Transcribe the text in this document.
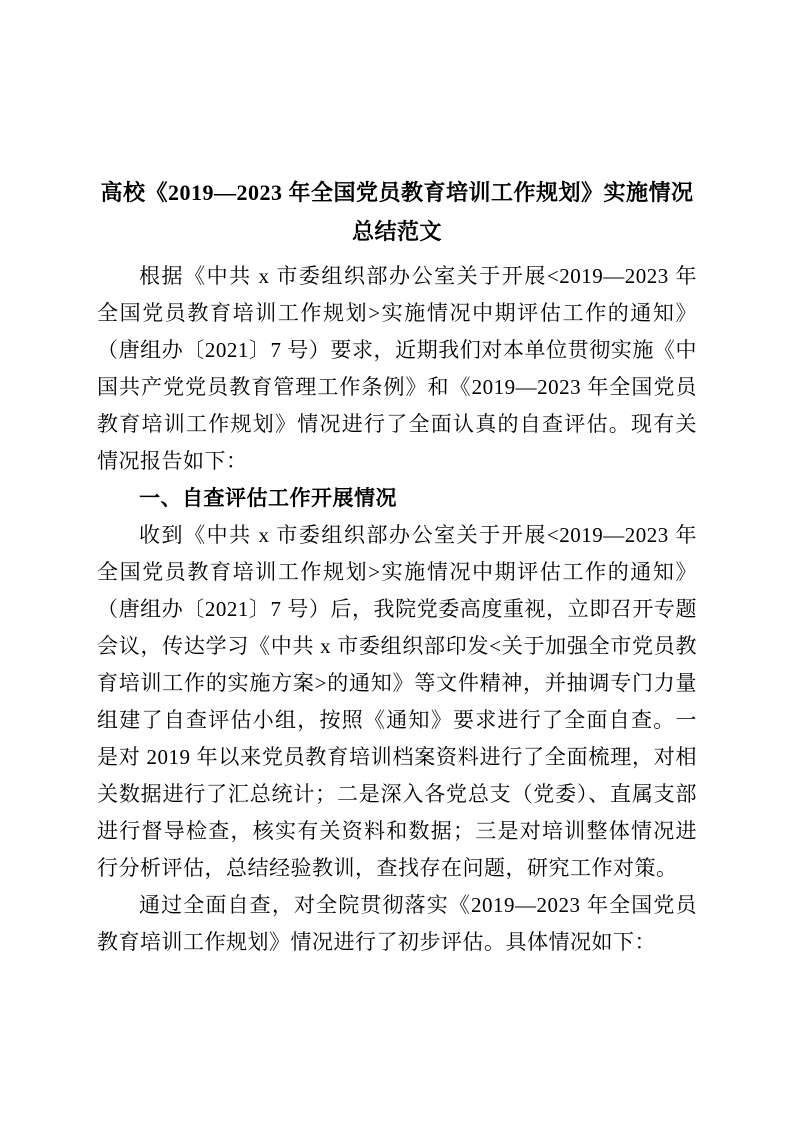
高校《2019—2023 年全国党员教育培训工作规划》实施情况总结范文

根据《中共 x 市委组织部办公室关于开展<2019—2023 年全国党员教育培训工作规划>实施情况中期评估工作的通知》（唐组办〔2021〕7 号）要求，近期我们对本单位贯彻实施《中国共产党党员教育管理工作条例》和《2019—2023 年全国党员教育培训工作规划》情况进行了全面认真的自查评估。现有关情况报告如下：

一、自查评估工作开展情况

收到《中共 x 市委组织部办公室关于开展<2019—2023 年全国党员教育培训工作规划>实施情况中期评估工作的通知》（唐组办〔2021〕7 号）后，我院党委高度重视，立即召开专题会议，传达学习《中共 x 市委组织部印发<关于加强全市党员教育培训工作的实施方案>的通知》等文件精神，并抽调专门力量组建了自查评估小组，按照《通知》要求进行了全面自查。一是对 2019 年以来党员教育培训档案资料进行了全面梳理，对相关数据进行了汇总统计；二是深入各党总支（党委）、直属支部进行督导检查，核实有关资料和数据；三是对培训整体情况进行分析评估，总结经验教训，查找存在问题，研究工作对策。

通过全面自查，对全院贯彻落实《2019—2023 年全国党员教育培训工作规划》情况进行了初步评估。具体情况如下：
